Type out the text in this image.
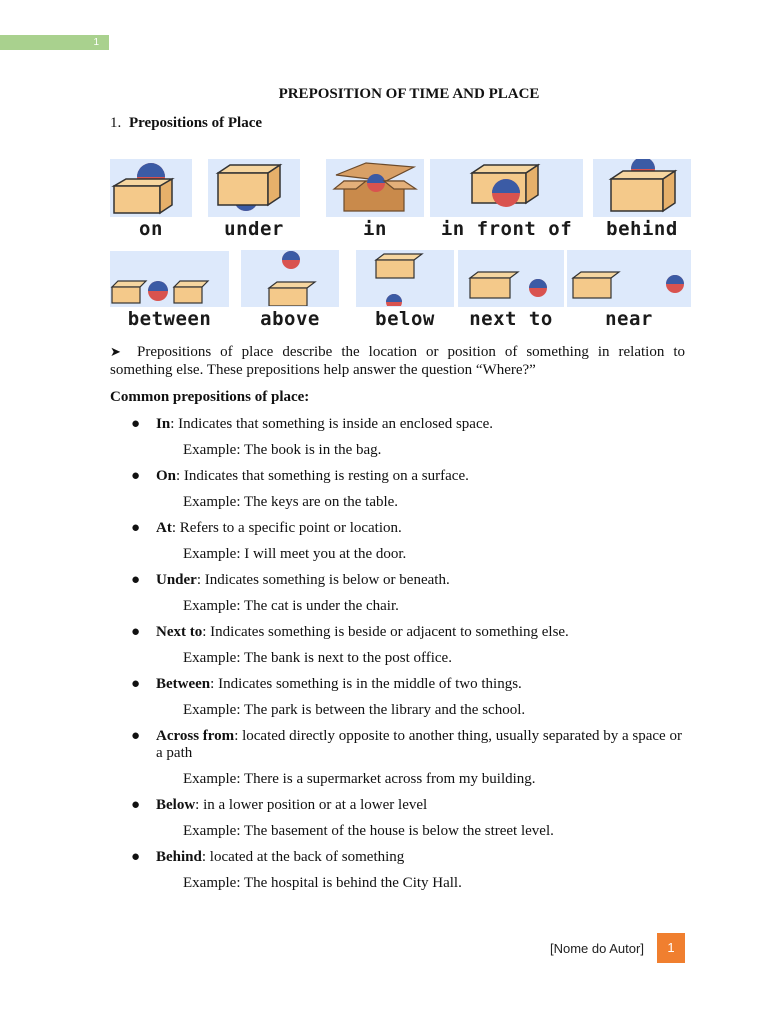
1
PREPOSITION OF TIME AND PLACE
1. Prepositions of Place
on	under	in	in front of	behind
between	above	below	next to	near
➤	Prepositions of place describe the location or position of something in relation to something else. These prepositions help answer the question “Where?”

Common prepositions of place:
● In: Indicates that something is inside an enclosed space.
Example: The book is in the bag.
● On: Indicates that something is resting on a surface.
Example: The keys are on the table.
● At: Refers to a specific point or location.
Example: I will meet you at the door.
● Under: Indicates something is below or beneath.
Example: The cat is under the chair.
● Next to: Indicates something is beside or adjacent to something else.
Example: The bank is next to the post office.
● Between: Indicates something is in the middle of two things.
Example: The park is between the library and the school.
● Across from: located directly opposite to another thing, usually separated by a space or a path
Example: There is a supermarket across from my building.
● Below: in a lower position or at a lower level
Example: The basement of the house is below the street level.
● Behind: located at the back of something
Example: The hospital is behind the City Hall.
[Nome do Autor]	1
